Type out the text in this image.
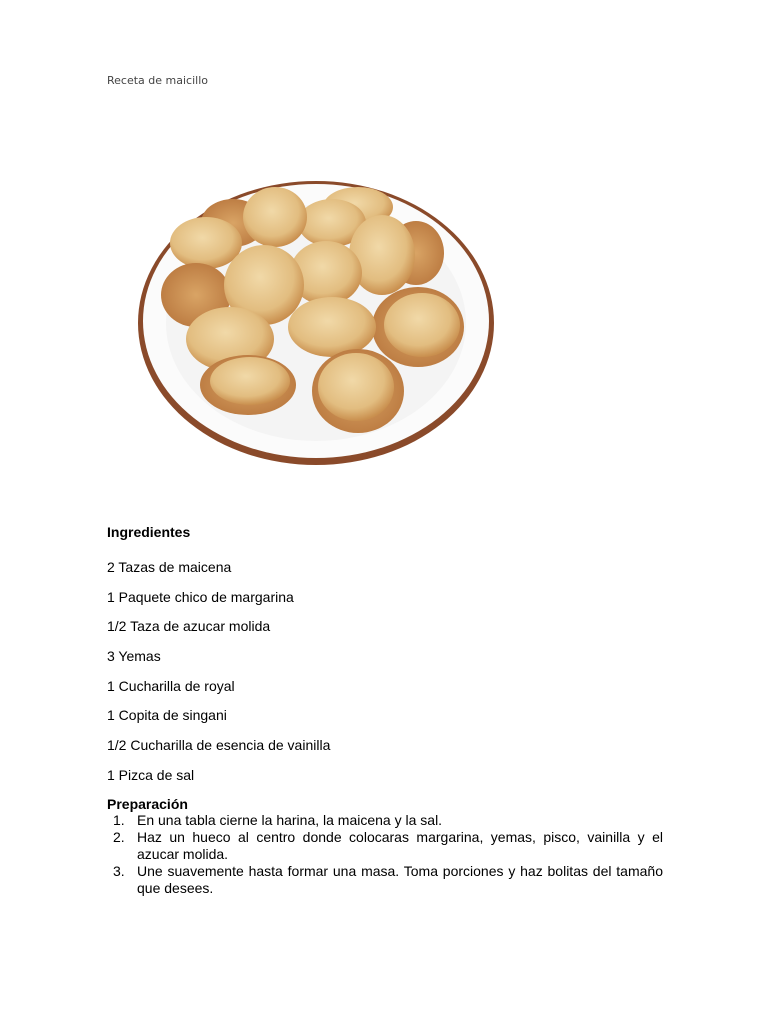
Receta de maicillo
Ingredientes
2 Tazas de maicena
1 Paquete chico de margarina
1/2 Taza de azucar molida
3 Yemas
1 Cucharilla de royal
1 Copita de singani
1/2 Cucharilla de esencia de vainilla
1 Pizca de sal
Preparación
1. En una tabla cierne la harina, la maicena y la sal.
2. Haz un hueco al centro donde colocaras margarina, yemas, pisco, vainilla y el azucar molida.
3. Une suavemente hasta formar una masa. Toma porciones y haz bolitas del tamaño que desees.
